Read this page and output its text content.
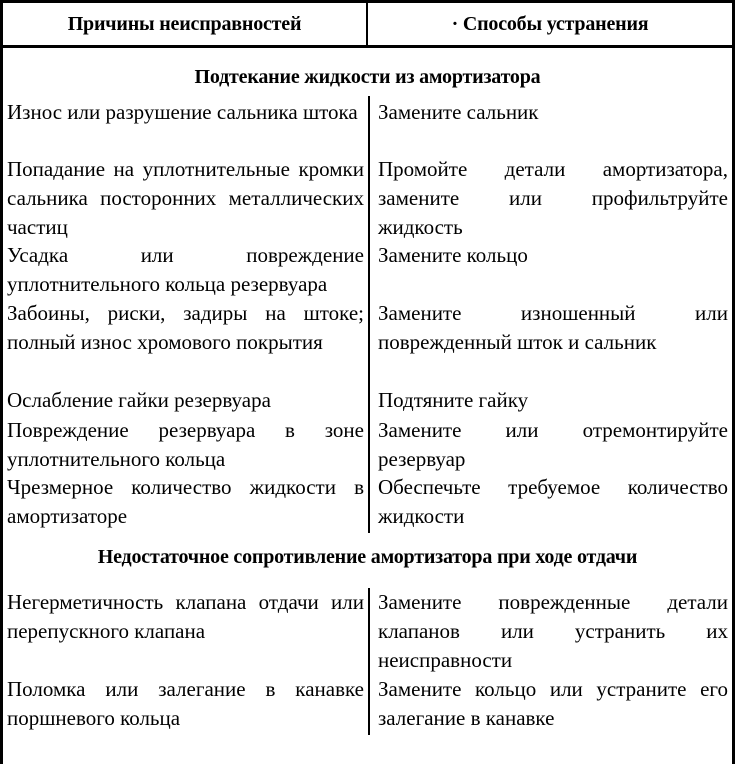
Причины неисправностей	· Способы устранения
Подтекание жидкости из амортизатора
Износ или разрушение сальника штока Замените сальник
Попадание на уплотнительные кромки сальника посторонних металлических частиц
Промойте детали амортизатора, замените или профильтруйте жидкость
Усадка или повреждение уплотнительного кольца резервуара
Замените кольцо
Забоины, риски, задиры на штоке; полный износ хромового покрытия
Замените изношенный или поврежденный шток и сальник
Ослабление гайки резервуара	Подтяните гайку
Повреждение резервуара в зоне уплотнительного кольца
Замените или отремонтируйте резервуар
Чрезмерное количество жидкости в амортизаторе
Обеспечьте требуемое количество жидкости
Недостаточное сопротивление амортизатора при ходе отдачи
Негерметичность клапана отдачи или перепускного клапана
Замените поврежденные детали клапанов или устранить их неисправности
Поломка или залегание в канавке поршневого кольца
Замените кольцо или устраните его залегание в канавке
